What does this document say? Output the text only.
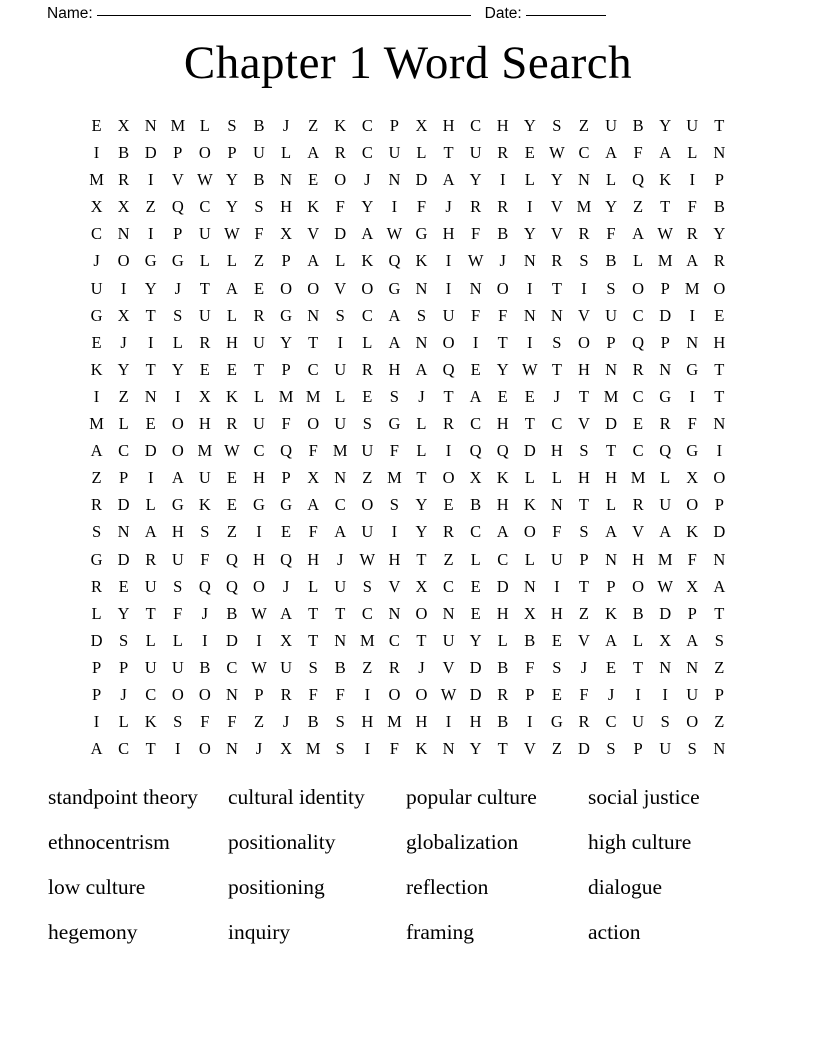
Name:	Date:
Chapter 1 Word Search
E X N M L	S	B	J	Z K C	P	X H C H Y	S	Z U B Y U T
I	B D	P	O	P	U L A R C U L	T U R	E W C A	F	A L N
M R	I	V W Y B N E O	J	N D A Y	I	L Y N L Q K	I	P
X X Z Q C Y	S	H K	F	Y	I	F	J	R R	I	V M Y Z	T	F	B
C N	I	P	U W F	X V D A W G H	F	B Y V R	F	A W R Y
J	O G G L	L	Z	P	A L K Q K	I	W J	N R	S	B	L M A R
U	I	Y	J	T A E O O V O G N	I	N O	I	T	I	S	O	P M O
G X T	S	U L	R G N	S	C A	S	U	F	F	N N V U C D	I	E
E	J	I	L	R H U Y T	I	L A N O	I	T	I	S	O	P	Q	P	N H
K Y T Y E	E	T	P	C U R H A Q E Y W T H N R N G T
I	Z N	I	X K L M M L	E	S	J	T A E	E	J	T M C G	I	T
M L	E O H R U	F	O U	S	G L	R C H T	C V D E	R	F	N
A C D O M W C Q	F M U	F	L	I	Q Q D H	S	T	C Q G	I
Z	P	I	A U E H	P	X N Z M T O X K L	L H H M L X O
R D L G K E G G A C O	S	Y E	B H K N T	L	R U O	P
S	N A H	S	Z	I	E	F	A U	I	Y R C A O	F	S	A V A K D
G D R U	F	Q H Q H	J W H T	Z	L	C	L U	P	N H M F	N
R	E U	S	Q Q O	J	L U	S	V X C	E D N	I	T	P	O W X A
L Y T	F	J	B W A T	T	C N O N E H X H Z K B D	P	T
D	S	L	L	I	D	I	X T N M C	T U Y L	B	E V A L X A	S
P	P	U U B C W U	S	B	Z	R	J	V D B	F	S	J	E	T N N Z
P	J	C O O N	P	R	F	F	I	O O W D R	P	E	F	J	I	I	U	P
I	L K	S	F	F	Z	J	B	S	H M H	I	H B	I	G R C U	S	O Z
A C	T	I	O N	J	X M S	I	F	K N Y T V Z D	S	P	U	S	N
standpoint theory	cultural identity	popular culture	social justice
ethnocentrism	positionality	globalization	high culture
low culture	positioning	reflection	dialogue
hegemony	inquiry	framing	action
